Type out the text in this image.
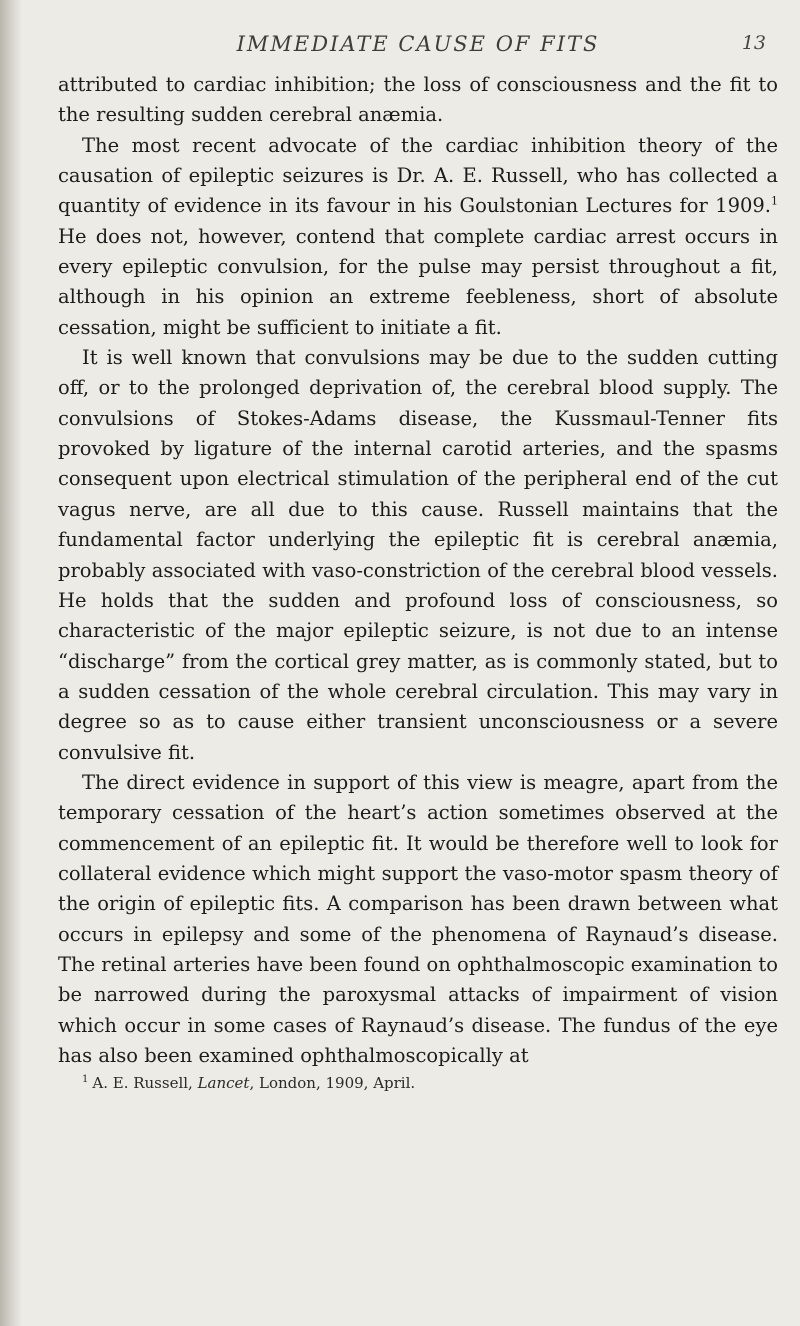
IMMEDIATE CAUSE OF FITS	13

attributed to cardiac inhibition; the loss of consciousness and the fit to the resulting sudden cerebral anæmia.

The most recent advocate of the cardiac inhibition theory of the causation of epileptic seizures is Dr. A. E. Russell, who has collected a quantity of evidence in its favour in his Goulstonian Lectures for 1909.$^1$ He does not, however, contend that complete cardiac arrest occurs in every epileptic convulsion, for the pulse may persist throughout a fit, although in his opinion an extreme feebleness, short of absolute cessation, might be sufficient to initiate a fit.

It is well known that convulsions may be due to the sudden cutting off, or to the prolonged deprivation of, the cerebral blood supply. The convulsions of Stokes-Adams disease, the Kussmaul-Tenner fits provoked by ligature of the internal carotid arteries, and the spasms consequent upon electrical stimulation of the peripheral end of the cut vagus nerve, are all due to this cause. Russell maintains that the fundamental factor underlying the epileptic fit is cerebral anæmia, probably associated with vaso-constriction of the cerebral blood vessels. He holds that the sudden and profound loss of consciousness, so characteristic of the major epileptic seizure, is not due to an intense “discharge” from the cortical grey matter, as is commonly stated, but to a sudden cessation of the whole cerebral circulation. This may vary in degree so as to cause either transient unconsciousness or a severe convulsive fit.

The direct evidence in support of this view is meagre, apart from the temporary cessation of the heart’s action sometimes observed at the commencement of an epileptic fit. It would be therefore well to look for collateral evidence which might support the vaso-motor spasm theory of the origin of epileptic fits. A comparison has been drawn between what occurs in epilepsy and some of the phenomena of Raynaud’s disease. The retinal arteries have been found on ophthalmoscopic examination to be narrowed during the paroxysmal attacks of impairment of vision which occur in some cases of Raynaud’s disease. The fundus of the eye has also been examined ophthalmoscopically at

$^1$ A. E. Russell, Lancet, London, 1909, April.
